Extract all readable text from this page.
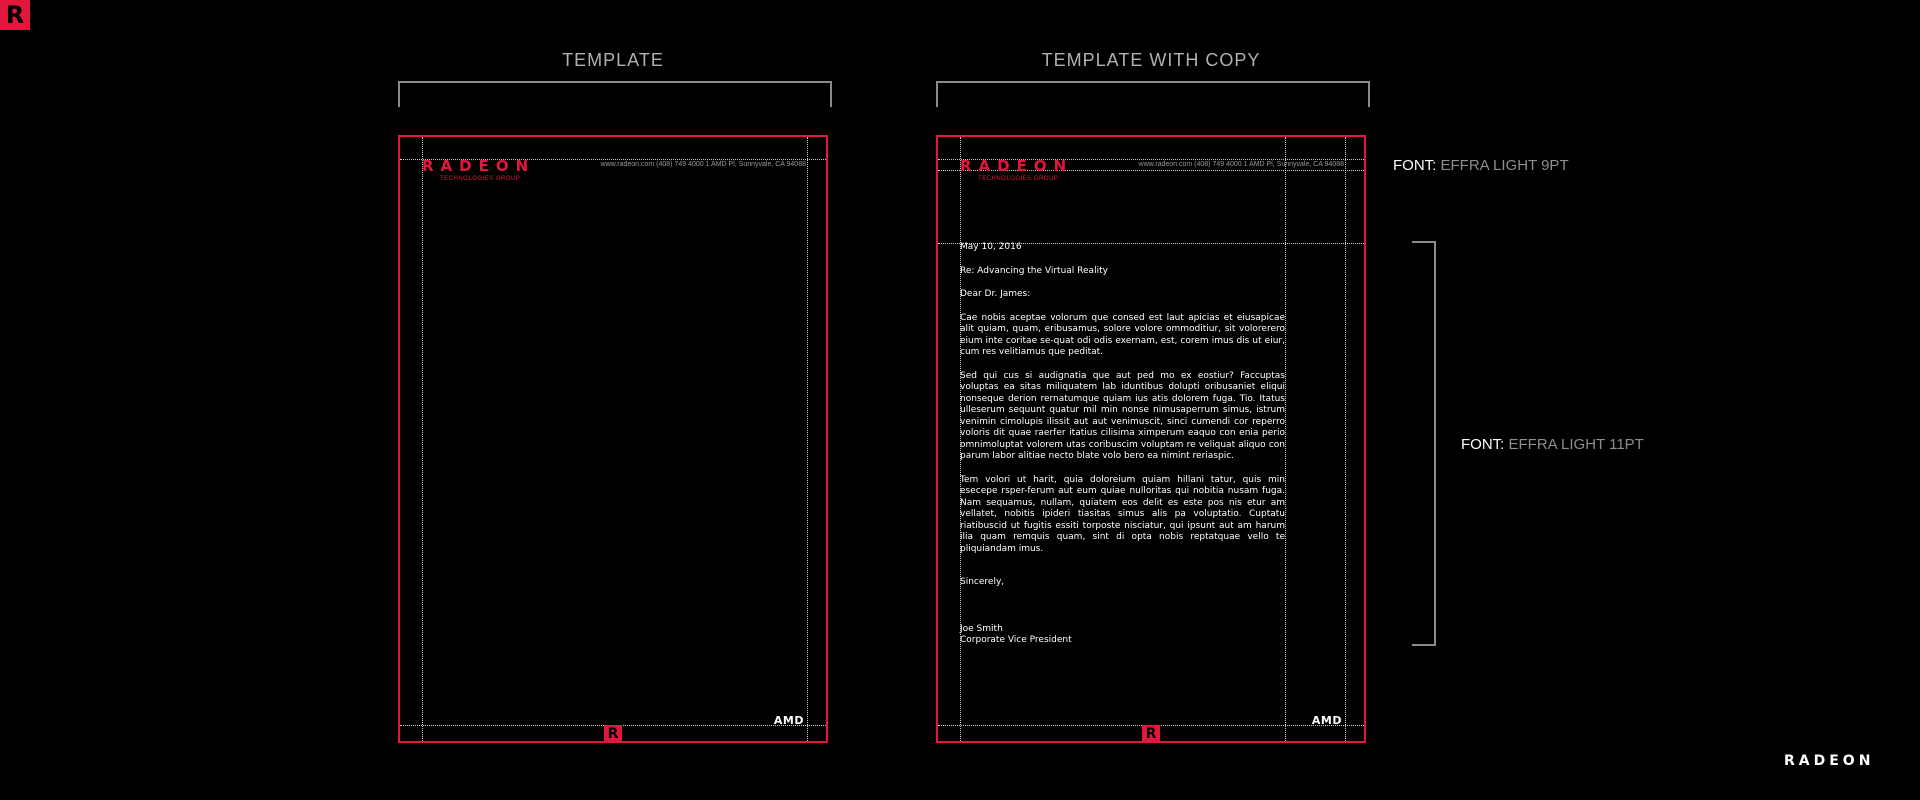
R
TEMPLATE
RADEON
TECHNOLOGIES GROUP
www.radeon.com (408) 749 4000 1 AMD Pl, Sunnyvale, CA 94088
AMD
R
TEMPLATE WITH COPY
RADEON
TECHNOLOGIES GROUP
www.radeon.com (408) 749 4000 1 AMD Pl, Sunnyvale, CA 94088

May 10, 2016

Re: Advancing the Virtual Reality

Dear Dr. James:

Cae nobis aceptae volorum que consed est laut apicias et eiusapicae alit quiam, quam, eribusamus, solore volore ommoditiur, sit volorerero eium inte coritae se-quat odi odis exernam, est, corem imus dis ut eiur, cum res velitiamus que peditat.

Sed qui cus si audignatia que aut ped mo ex eostiur? Faccuptas voluptas ea sitas miliquatem lab iduntibus dolupti oribusaniet eliqui nonseque derion rernatumque quiam ius atis dolorem fuga. Tio. Itatus ulleserum sequunt quatur mil min nonse nimusaperrum simus, istrum venimin cimolupis ilissit aut aut venimuscit, sinci cumendi cor reperro voloris dit quae raerfer itatius cilisima ximperum eaquo con enia perio omnimoluptat volorem utas coribuscim voluptam re veliquat aliquo con parum labor alitiae necto blate volo bero ea nimint reriaspic.

Tem volori ut harit, quia doloreium quiam hillani tatur, quis min esecepe rsper-ferum aut eum quiae nulloritas qui nobitia nusam fuga. Nam sequamus, nullam, quiatem eos delit es este pos nis etur am vellatet, nobitis ipideri tiasitas simus alis pa voluptatio. Cuptatu riatibuscid ut fugitis essiti torposte nisciatur, qui ipsunt aut am harum ilia quam remquis quam, sint di opta nobis reptatquae vello te pliquiandam imus.

Sincerely,

Joe Smith
Corporate Vice President
AMD
R
FONT: EFFRA LIGHT 9PT
FONT: EFFRA LIGHT 11PT
RADEON
